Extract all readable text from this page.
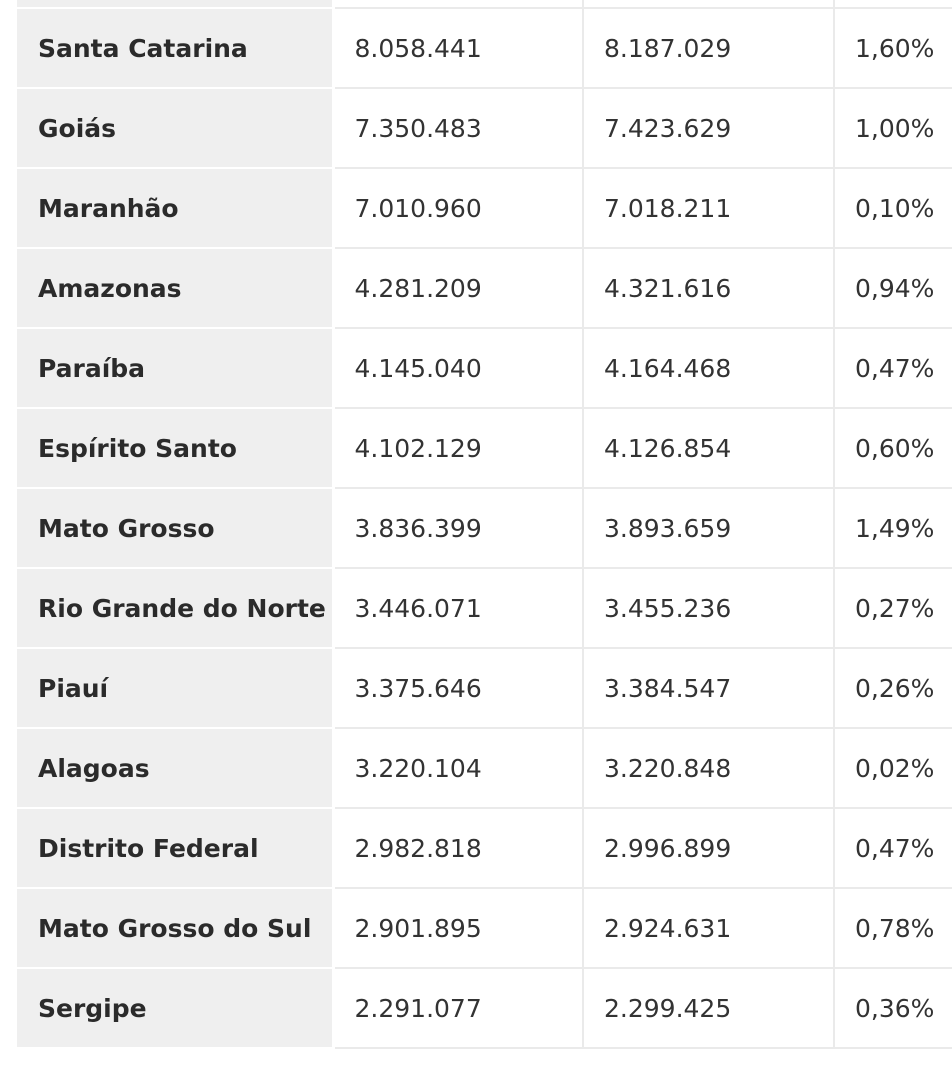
Santa Catarina	8.058.441	8.187.029	1,60%
Goiás	7.350.483	7.423.629	1,00%
Maranhão	7.010.960	7.018.211	0,10%
Amazonas	4.281.209	4.321.616	0,94%
Paraíba	4.145.040	4.164.468	0,47%
Espírito Santo	4.102.129	4.126.854	0,60%
Mato Grosso	3.836.399	3.893.659	1,49%
Rio Grande do Norte	3.446.071	3.455.236	0,27%
Piauí	3.375.646	3.384.547	0,26%
Alagoas	3.220.104	3.220.848	0,02%
Distrito Federal	2.982.818	2.996.899	0,47%
Mato Grosso do Sul	2.901.895	2.924.631	0,78%
Sergipe	2.291.077	2.299.425	0,36%
